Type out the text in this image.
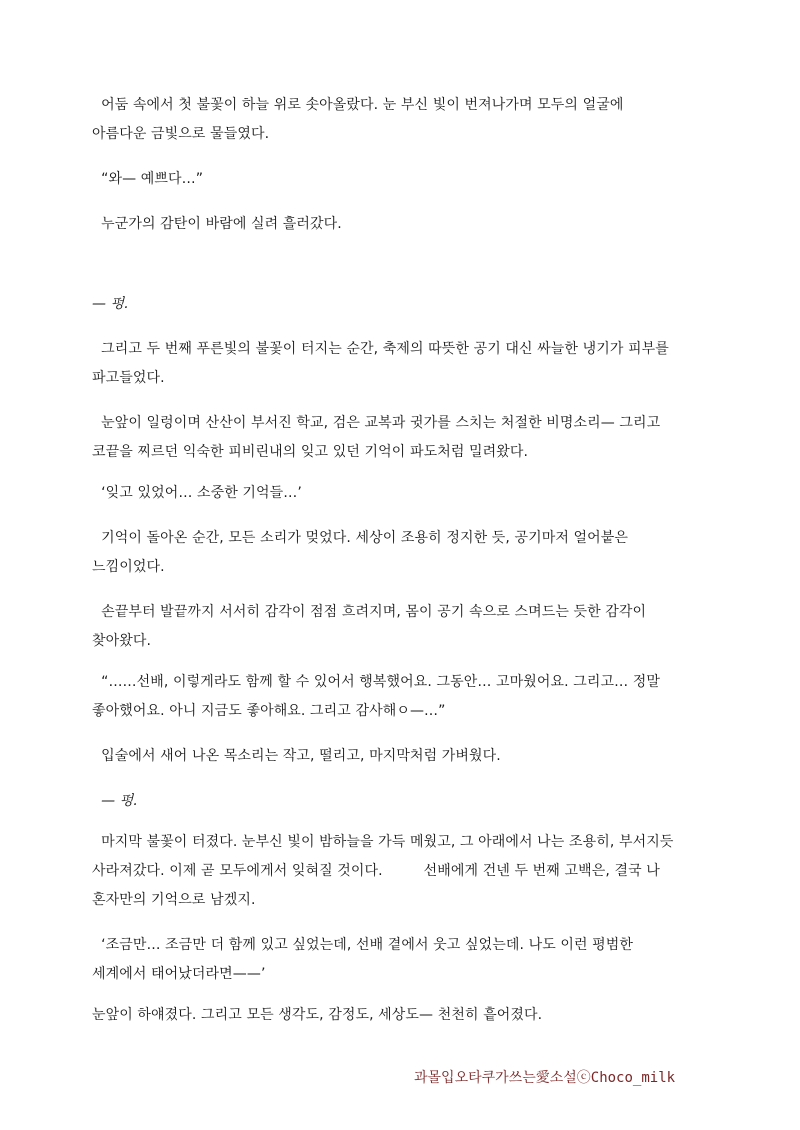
어둠 속에서 첫 불꽃이 하늘 위로 솟아올랐다. 눈 부신 빛이 번져나가며 모두의 얼굴에

아름다운 금빛으로 물들였다.

“와— 예쁘다…”

누군가의 감탄이 바람에 실려 흘러갔다.

— 펑.

그리고 두 번째 푸른빛의 불꽃이 터지는 순간, 축제의 따뜻한 공기 대신 싸늘한 냉기가 피부를

파고들었다.

눈앞이 일렁이며 산산이 부서진 학교, 검은 교복과 귓가를 스치는 처절한 비명소리— 그리고

코끝을 찌르던 익숙한 피비린내의 잊고 있던 기억이 파도처럼 밀려왔다.

‘잊고 있었어… 소중한 기억들…’

기억이 돌아온 순간, 모든 소리가 멎었다. 세상이 조용히 정지한 듯, 공기마저 얼어붙은

느낌이었다.

손끝부터 발끝까지 서서히 감각이 점점 흐려지며, 몸이 공기 속으로 스며드는 듯한 감각이

찾아왔다.

“……선배, 이렇게라도 함께 할 수 있어서 행복했어요. 그동안… 고마웠어요. 그리고… 정말

좋아했어요. 아니 지금도 좋아해요. 그리고 감사해ㅇ—…”

입술에서 새어 나온 목소리는 작고, 떨리고, 마지막처럼 가벼웠다.

— 펑.

마지막 불꽃이 터졌다. 눈부신 빛이 밤하늘을 가득 메웠고, 그 아래에서 나는 조용히, 부서지듯

사라져갔다. 이제 곧 모두에게서 잊혀질 것이다.         선배에게 건넨 두 번째 고백은, 결국 나

혼자만의 기억으로 남겠지.

‘조금만… 조금만 더 함께 있고 싶었는데, 선배 곁에서 웃고 싶었는데. 나도 이런 평범한

세계에서 태어났더라면——’

눈앞이 하얘졌다. 그리고 모든 생각도, 감정도, 세상도— 천천히 흩어졌다.

과몰입오타쿠가쓰는愛소설ⓒChoco_milk
